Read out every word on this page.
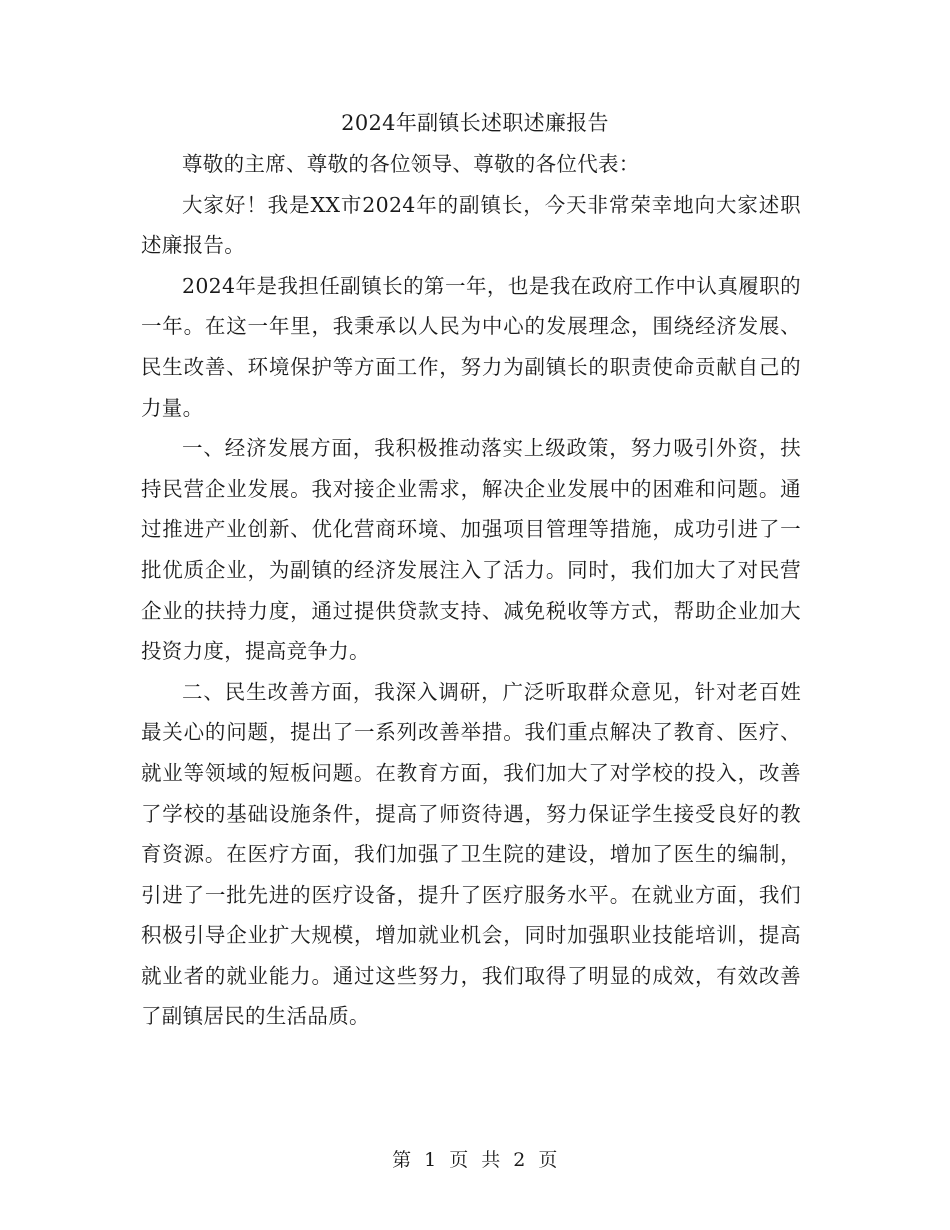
2024年副镇长述职述廉报告

尊敬的主席、尊敬的各位领导、尊敬的各位代表：

大家好！我是XX市2024年的副镇长，今天非常荣幸地向大家述职述廉报告。

2024年是我担任副镇长的第一年，也是我在政府工作中认真履职的一年。在这一年里，我秉承以人民为中心的发展理念，围绕经济发展、民生改善、环境保护等方面工作，努力为副镇长的职责使命贡献自己的力量。

一、经济发展方面，我积极推动落实上级政策，努力吸引外资，扶持民营企业发展。我对接企业需求，解决企业发展中的困难和问题。通过推进产业创新、优化营商环境、加强项目管理等措施，成功引进了一批优质企业，为副镇的经济发展注入了活力。同时，我们加大了对民营企业的扶持力度，通过提供贷款支持、减免税收等方式，帮助企业加大投资力度，提高竞争力。

二、民生改善方面，我深入调研，广泛听取群众意见，针对老百姓最关心的问题，提出了一系列改善举措。我们重点解决了教育、医疗、就业等领域的短板问题。在教育方面，我们加大了对学校的投入，改善了学校的基础设施条件，提高了师资待遇，努力保证学生接受良好的教育资源。在医疗方面，我们加强了卫生院的建设，增加了医生的编制，引进了一批先进的医疗设备，提升了医疗服务水平。在就业方面，我们积极引导企业扩大规模，增加就业机会，同时加强职业技能培训，提高就业者的就业能力。通过这些努力，我们取得了明显的成效，有效改善了副镇居民的生活品质。

第 1 页 共 2 页
